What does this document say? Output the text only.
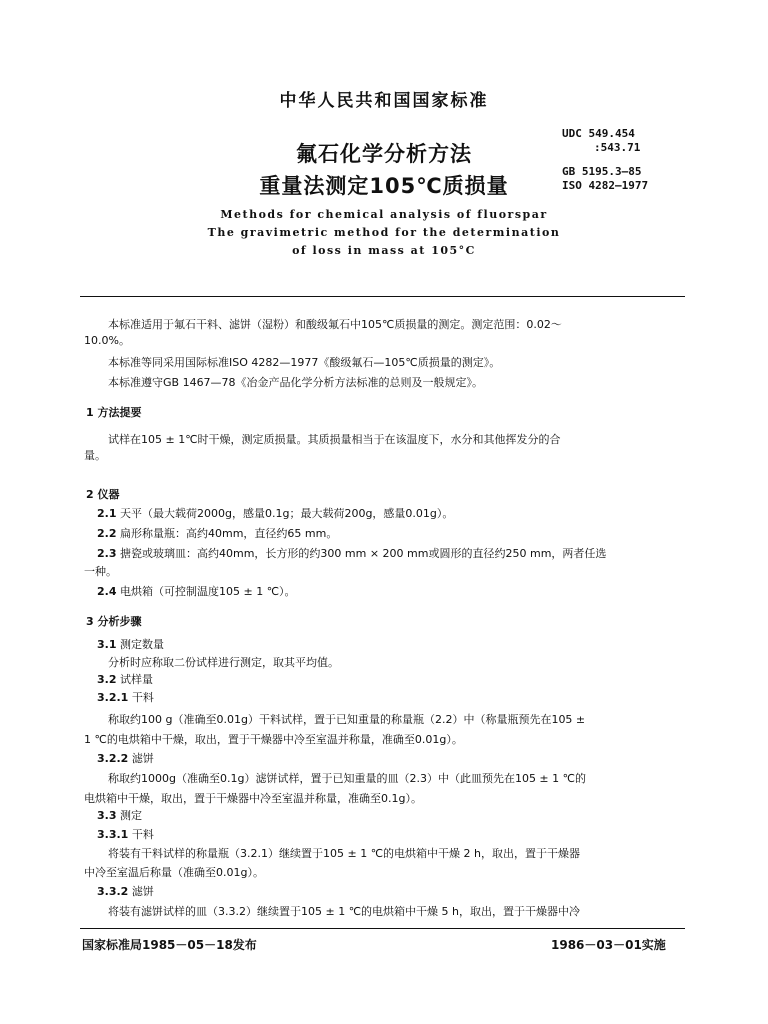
中华人民共和国国家标准
氟石化学分析方法
重量法测定105℃质损量
UDC 549.454
:543.71
GB 5195.3—85
ISO 4282—1977
Methods for chemical analysis of fluorspar
The gravimetric method for the determination
of loss in mass at 105°C
本标准适用于氟石干料、滤饼（湿粉）和酸级氟石中105℃质损量的测定。测定范围：0.02～
10.0%。
本标准等同采用国际标准ISO 4282—1977《酸级氟石—105℃质损量的测定》。
本标准遵守GB 1467—78《冶金产品化学分析方法标准的总则及一般规定》。
1 方法提要
试样在105 ± 1℃时干燥，测定质损量。其质损量相当于在该温度下，水分和其他挥发分的合
量。
2 仪器
2.1 天平（最大载荷2000g，感量0.1g；最大载荷200g，感量0.01g）。
2.2 扁形称量瓶：高约40mm，直径约65 mm。
2.3 搪瓷或玻璃皿：高约40mm，长方形的约300 mm × 200 mm或圆形的直径约250 mm，两者任选
一种。
2.4 电烘箱（可控制温度105 ± 1 ℃）。
3 分析步骤
3.1 测定数量
分析时应称取二份试样进行测定，取其平均值。
3.2 试样量
3.2.1 干料
称取约100 g（准确至0.01g）干料试样，置于已知重量的称量瓶（2.2）中（称量瓶预先在105 ±
1 ℃的电烘箱中干燥，取出，置于干燥器中冷至室温并称量，准确至0.01g）。
3.2.2 滤饼
称取约1000g（准确至0.1g）滤饼试样，置于已知重量的皿（2.3）中（此皿预先在105 ± 1 ℃的
电烘箱中干燥，取出，置于干燥器中冷至室温并称量，准确至0.1g）。
3.3 测定
3.3.1 干料
将装有干料试样的称量瓶（3.2.1）继续置于105 ± 1 ℃的电烘箱中干燥 2 h，取出，置于干燥器
中冷至室温后称量（准确至0.01g）。
3.3.2 滤饼
将装有滤饼试样的皿（3.3.2）继续置于105 ± 1 ℃的电烘箱中干燥 5 h，取出，置于干燥器中冷
国家标准局1985－05－18发布	1986－03－01实施
